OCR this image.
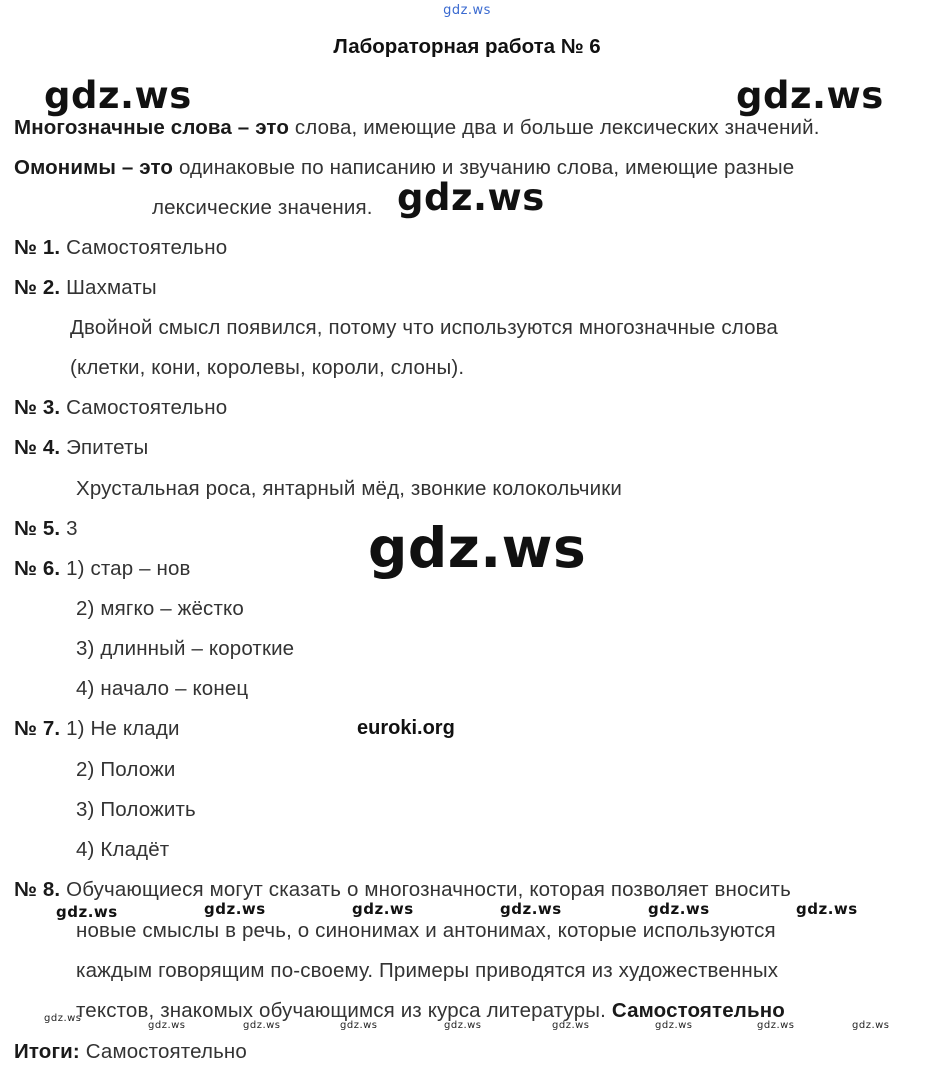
gdz.ws
Лабораторная работа № 6
gdz.ws	gdz.ws
Многозначные слова – это слова, имеющие два и больше лексических значений.
Омонимы – это одинаковые по написанию и звучанию слова, имеющие разные
лексические значения. gdz.ws
№ 1. Самостоятельно
№ 2. Шахматы
Двойной смысл появился, потому что используются многозначные слова
(клетки, кони, королевы, короли, слоны).
№ 3. Самостоятельно
№ 4. Эпитеты
Хрустальная роса, янтарный мёд, звонкие колокольчики
№ 5. 3	gdz.ws
№ 6. 1) стар – нов
2) мягко – жёстко
3) длинный – короткие
4) начало – конец
№ 7. 1) Не клади	euroki.org
2) Положи
3) Положить
4) Кладёт
№ 8. Обучающиеся могут сказать о многозначности, которая позволяет вносить
gdz.ws	gdz.ws	gdz.ws	gdz.ws	gdz.ws	gdz.ws
новые смыслы в речь, о синонимах и антонимах, которые используются
каждым говорящим по-своему. Примеры приводятся из художественных
текстов, знакомых обучающимся из курса литературы. Самостоятельно
gdz.ws
gdz.ws	gdz.ws	gdz.ws	gdz.ws	gdz.ws	gdz.ws	gdz.ws	gdz.ws
Итоги: Самостоятельно
